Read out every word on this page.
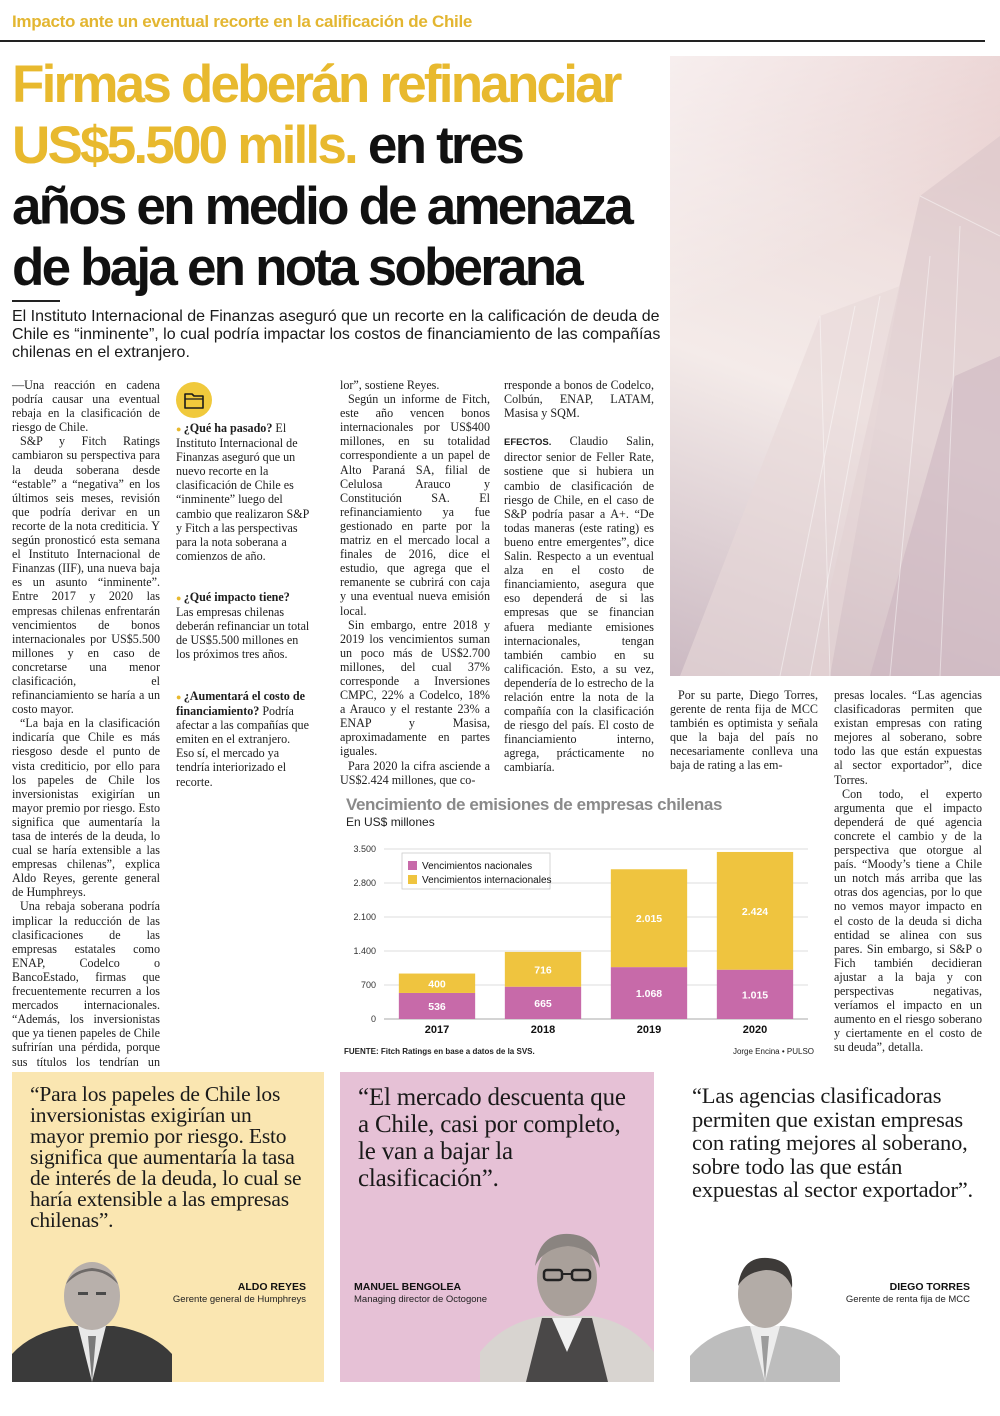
Impacto ante un eventual recorte en la calificación de Chile
Firmas deberán refinanciar
US$5.500 mills. en tres
años en medio de amenaza
de baja en nota soberana

El Instituto Internacional de Finanzas aseguró que un recorte en la calificación de deuda de Chile es “inminente”, lo cual podría impactar los costos de financiamiento de las compañías chilenas en el extranjero.

—Una reacción en cadena podría causar una eventual rebaja en la clasificación de riesgo de Chile.

S&P y Fitch Ratings cambiaron su perspectiva para la deuda soberana desde “estable” a “negativa” en los últimos seis meses, revisión que podría derivar en un recorte de la nota crediticia. Y según pronosticó esta semana el Instituto Internacional de Finanzas (IIF), una nueva baja es un asunto “inminente”. Entre 2017 y 2020 las empresas chilenas enfrentarán vencimientos de bonos internacionales por US$5.500 millones y en caso de concretarse una menor clasificación, el refinanciamiento se haría a un costo mayor.

“La baja en la clasificación indicaría que Chile es más riesgoso desde el punto de vista crediticio, por ello para los papeles de Chile los inversionistas exigirían un mayor premio por riesgo. Esto significa que aumentaría la tasa de interés de la deuda, lo cual se haría extensible a las empresas chilenas”, explica Aldo Reyes, gerente general de Humphreys.

Una rebaja soberana podría implicar la reducción de las clasificaciones de las empresas estatales como ENAP, Codelco o BancoEstado, firmas que frecuentemente recurren a los mercados internacionales. “Además, los inversionistas que ya tienen papeles de Chile sufrirían una pérdida, porque sus títulos los tendrían un

● ¿Qué ha pasado? El Instituto Internacional de Finanzas aseguró que un nuevo recorte en la clasificación de Chile es “inminente” luego del cambio que realizaron S&P y Fitch a las perspectivas para la nota soberana a comienzos de año.
● ¿Qué impacto tiene? Las empresas chilenas deberán refinanciar un total de US$5.500 millones en los próximos tres años.
● ¿Aumentará el costo de financiamiento? Podría afectar a las compañías que emiten en el extranjero. Eso sí, el mercado ya tendría interiorizado el recorte.

lor”, sostiene Reyes.

Según un informe de Fitch, este año vencen bonos internacionales por US$400 millones, en su totalidad correspondiente a un papel de Alto Paraná SA, filial de Celulosa Arauco y Constitución SA. El refinanciamiento ya fue gestionado en parte por la matriz en el mercado local a finales de 2016, dice el estudio, que agrega que el remanente se cubrirá con caja y una eventual nueva emisión local.

Sin embargo, entre 2018 y 2019 los vencimientos suman un poco más de US$2.700 millones, del cual 37% corresponde a Inversiones CMPC, 22% a Codelco, 18% a Arauco y el restante 23% a ENAP y Masisa, aproximadamente en partes iguales.

Para 2020 la cifra asciende a US$2.424 millones, que co-

rresponde a bonos de Codelco, Colbún, ENAP, LATAM, Masisa y SQM.

EFECTOS. Claudio Salin, director senior de Feller Rate, sostiene que si hubiera un cambio de clasificación de riesgo de Chile, en el caso de S&P podría pasar a A+. “De todas maneras (este rating) es bueno entre emergentes”, dice Salin. Respecto a un eventual alza en el costo de financiamiento, asegura que eso dependerá de si las empresas que se financian afuera mediante emisiones internacionales, tengan también cambio en su calificación. Esto, a su vez, dependería de lo estrecho de la relación entre la nota de la compañía con la clasificación de riesgo del país. El costo de financiamiento interno, agrega, prácticamente no cambiaría.

Por su parte, Diego Torres, gerente de renta fija de MCC también es optimista y señala que la baja del país no necesariamente conlleva una baja de rating a las em-

presas locales. “Las agencias clasificadoras permiten que existan empresas con rating mejores al soberano, sobre todo las que están expuestas al sector exportador”, dice Torres.

Con todo, el experto argumenta que el impacto dependerá de qué agencia concrete el cambio y de la perspectiva que otorgue al país. “Moody’s tiene a Chile un notch más arriba que las otras dos agencias, por lo que no vemos mayor impacto en el costo de la deuda si dicha entidad se alinea con sus pares. Sin embargo, si S&P o Fich también decidieran ajustar a la baja y con perspectivas negativas, veríamos el impacto en un aumento en el riesgo soberano y ciertamente en el costo de su deuda”, detalla.

Vencimiento de emisiones de empresas chilenas
En US$ millones
0
700
1.400
2.100
2.800
3.500
536
400
2017
665
716
2018
1.068
2.015
2019
1.015
2.424
2020
Vencimientos nacionales
Vencimientos internacionales
FUENTE: Fitch Ratings en base a datos de la SVS.	Jorge Encina • PULSO
“Para los papeles de Chile los inversionistas exigirían un mayor premio por riesgo. Esto significa que aumentaría la tasa de interés de la deuda, lo cual se haría extensible a las empresas chilenas”.
ALDO REYES
Gerente general de Humphreys
“El mercado descuenta que a Chile, casi por completo, le van a bajar la clasificación”.
MANUEL BENGOLEA
Managing director de Octogone
“Las agencias clasificadoras permiten que existan empresas con rating mejores al soberano, sobre todo las que están expuestas al sector exportador”.
DIEGO TORRES
Gerente de renta fija de MCC
